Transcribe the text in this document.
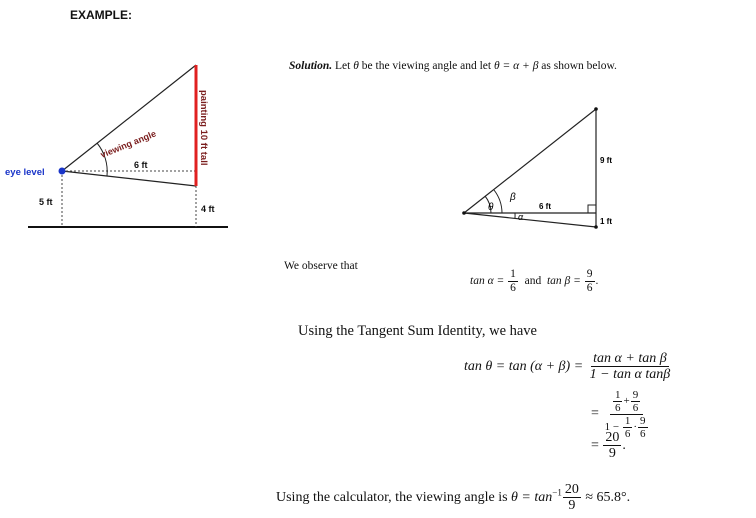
EXAMPLE:
eye level
viewing angle
6 ft
5 ft
4 ft
painting 10 ft tall
Solution. Let θ be the viewing angle and let θ = α + β as shown below.
θ
β
α
6 ft
9 ft
1 ft
We observe that
$\tan \alpha = \frac{1}{6}$ and $\tan \beta = \frac{9}{6}$ .
Using the Tangent Sum Identity, we have
$\tan \theta = \tan (\alpha + \beta) = \frac{\text{tan α + tan β}}{\text{1 − tan α tanβ}}$
= $\frac{\frac{1}{6} + \frac{9}{6}}{1 - \frac{1}{6} \cdot \frac{9}{6}}$
= $\frac{20}{9}$ .
Using the calculator, the viewing angle is $\theta = \tan^{-1} \frac{20}{9} \approx 65.8^\circ$.
